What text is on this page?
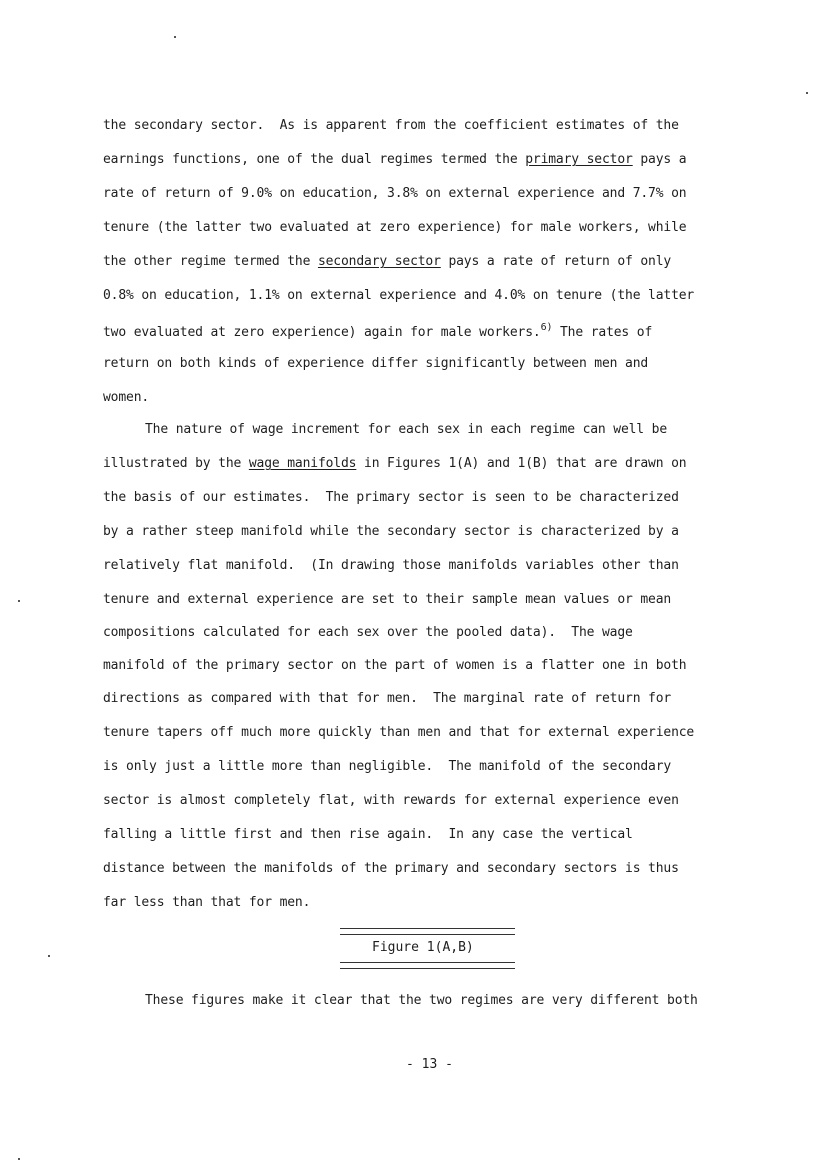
the secondary sector.  As is apparent from the coefficient estimates of the
earnings functions, one of the dual regimes termed the primary sector pays a
rate of return of 9.0% on education, 3.8% on external experience and 7.7% on
tenure (the latter two evaluated at zero experience) for male workers, while
the other regime termed the secondary sector pays a rate of return of only
0.8% on education, 1.1% on external experience and 4.0% on tenure (the latter
two evaluated at zero experience) again for male workers.$^{6)}$ The rates of
return on both kinds of experience differ significantly between men and
women.
The nature of wage increment for each sex in each regime can well be
illustrated by the wage manifolds in Figures 1(A) and 1(B) that are drawn on
the basis of our estimates.  The primary sector is seen to be characterized
by a rather steep manifold while the secondary sector is characterized by a
relatively flat manifold.  (In drawing those manifolds variables other than
tenure and external experience are set to their sample mean values or mean
compositions calculated for each sex over the pooled data).  The wage
manifold of the primary sector on the part of women is a flatter one in both
directions as compared with that for men.  The marginal rate of return for
tenure tapers off much more quickly than men and that for external experience
is only just a little more than negligible.  The manifold of the secondary
sector is almost completely flat, with rewards for external experience even
falling a little first and then rise again.  In any case the vertical
distance between the manifolds of the primary and secondary sectors is thus
far less than that for men.
Figure 1(A,B)
These figures make it clear that the two regimes are very different both
- 13 -
